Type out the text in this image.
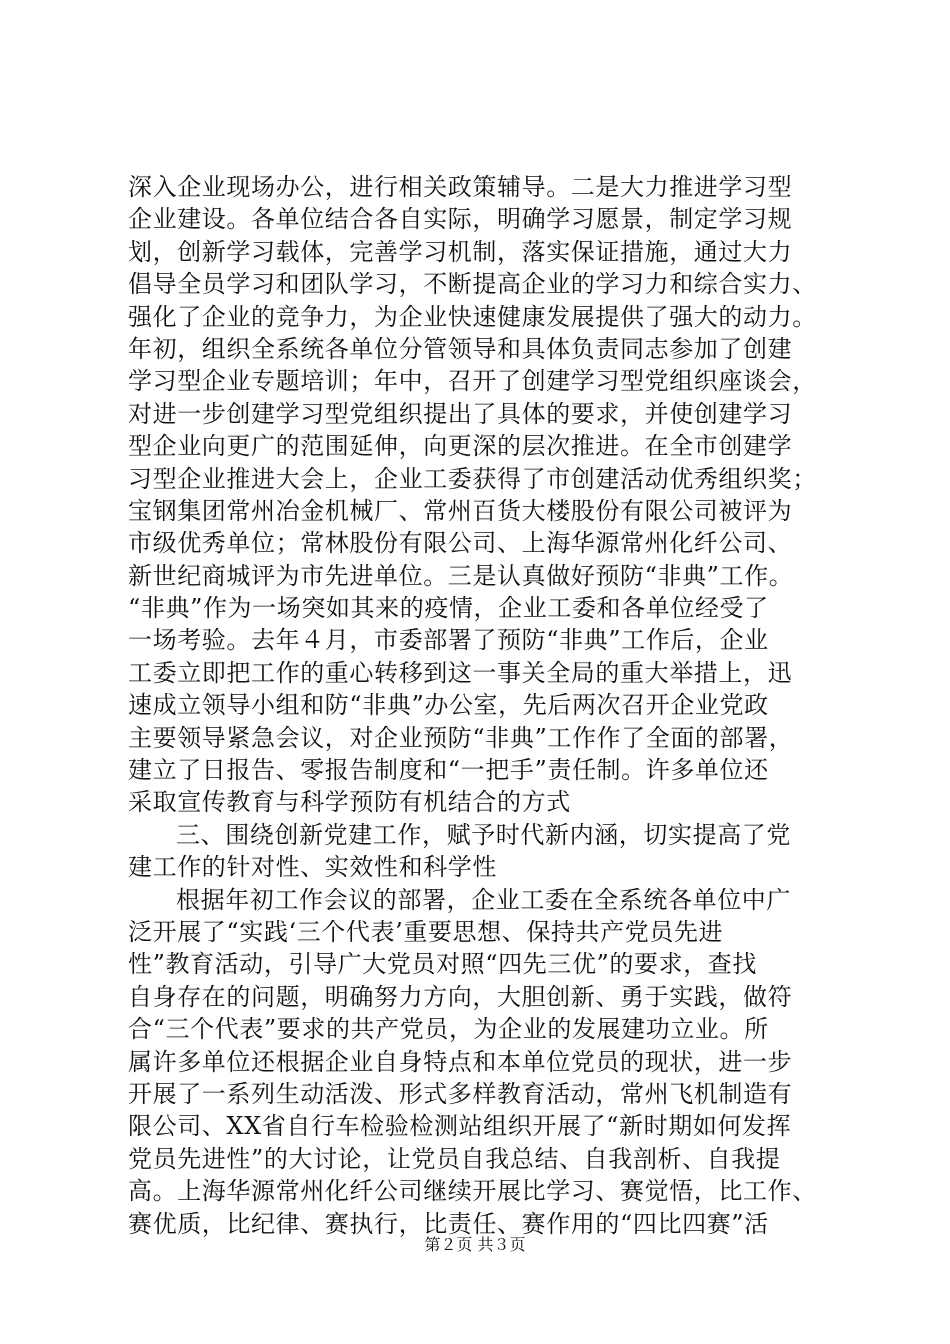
深入企业现场办公，进行相关政策辅导。二是大力推进学习型
企业建设。各单位结合各自实际，明确学习愿景，制定学习规
划，创新学习载体，完善学习机制，落实保证措施，通过大力
倡导全员学习和团队学习，不断提高企业的学习力和综合实力、
强化了企业的竞争力，为企业快速健康发展提供了强大的动力。
年初，组织全系统各单位分管领导和具体负责同志参加了创建
学习型企业专题培训；年中，召开了创建学习型党组织座谈会，
对进一步创建学习型党组织提出了具体的要求，并使创建学习
型企业向更广的范围延伸，向更深的层次推进。在全市创建学
习型企业推进大会上，企业工委获得了市创建活动优秀组织奖；
宝钢集团常州冶金机械厂、常州百货大楼股份有限公司被评为
市级优秀单位；常林股份有限公司、上海华源常州化纤公司、
新世纪商城评为市先进单位。三是认真做好预防“非典”工作。
“非典”作为一场突如其来的疫情，企业工委和各单位经受了
一场考验。去年４月，市委部署了预防“非典”工作后，企业
工委立即把工作的重心转移到这一事关全局的重大举措上，迅
速成立领导小组和防“非典”办公室，先后两次召开企业党政
主要领导紧急会议，对企业预防“非典”工作作了全面的部署，
建立了日报告、零报告制度和“一把手”责任制。许多单位还
采取宣传教育与科学预防有机结合的方式
三、围绕创新党建工作，赋予时代新内涵，切实提高了党
建工作的针对性、实效性和科学性
根据年初工作会议的部署，企业工委在全系统各单位中广
泛开展了“实践‘三个代表’重要思想、保持共产党员先进
性”教育活动，引导广大党员对照“四先三优”的要求，查找
自身存在的问题，明确努力方向，大胆创新、勇于实践，做符
合“三个代表”要求的共产党员，为企业的发展建功立业。所
属许多单位还根据企业自身特点和本单位党员的现状，进一步
开展了一系列生动活泼、形式多样教育活动，常州飞机制造有
限公司、XX省自行车检验检测站组织开展了“新时期如何发挥
党员先进性”的大讨论，让党员自我总结、自我剖析、自我提
高。上海华源常州化纤公司继续开展比学习、赛觉悟，比工作、
赛优质，比纪律、赛执行，比责任、赛作用的“四比四赛”活
第２页 共３页
